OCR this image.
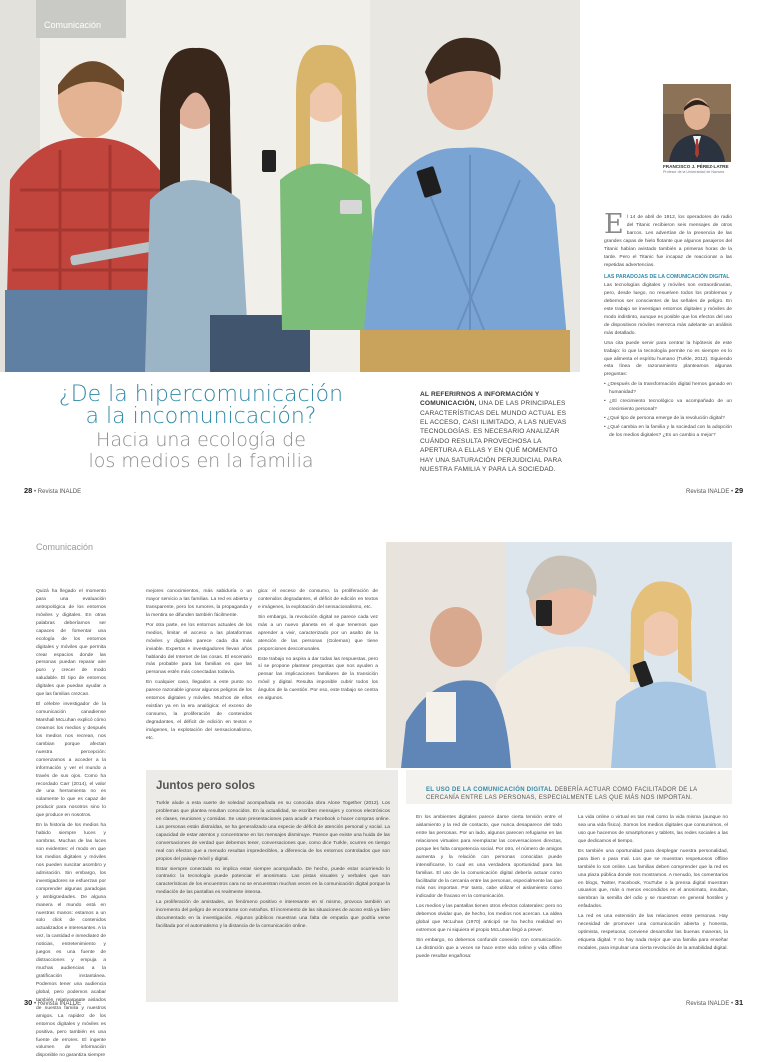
Comunicación
¿De la hipercomunicación
a la incomunicación?
Hacia una ecología de
los medios en la familia
AL REFERIRNOS A INFORMACIÓN Y COMUNICACIÓN, UNA DE LAS PRINCIPALES CARACTERÍSTICAS DEL MUNDO ACTUAL ES EL ACCESO, CASI ILIMITADO, A LAS NUEVAS TECNOLOGÍAS. ES NECESARIO ANALIZAR CUÁNDO RESULTA PROVECHOSA LA APERTURA A ELLAS Y EN QUÉ MOMENTO HAY UNA SATURACIÓN PERJUDICIAL PARA NUESTRA FAMILIA Y PARA LA SOCIEDAD.
FRANCISCO J. PÉREZ-LATRE
Profesor de la Universidad de Navarra

El 14 de abril de 1912, los operadores de radio del Titanic recibieron seis mensajes de otros barcos. Les advertían de la presencia de las grandes capas de hielo flotante que algunos pasajeros del Titanic habían avistado también a primeras horas de la tarde. Pero el Titanic fue incapaz de reaccionar a las repetidas advertencias.

LAS PARADOJAS DE LA COMUNICACIÓN DIGITAL

Las tecnologías digitales y móviles son extraordinarias, pero, desde luego, no resuelven todos los problemas y debemos ser conscientes de las señales de peligro. En este trabajo se investigan entornos digitales y móviles de modo indistinto, aunque es posible que los efectos del uso de dispositivos móviles merezca más adelante un análisis más detallado.

Una cita puede servir para centrar la hipótesis de este trabajo: lo que la tecnología permite no es siempre es lo que alimenta el espíritu humano (Turkle, 2012). Siguiendo esta línea de razonamiento planteamos algunas preguntas:

• ¿Después de la transformación digital hemos ganado en humanidad?
• ¿El crecimiento tecnológico va acompañado de un crecimiento personal?
• ¿Qué tipo de persona emerge de la revolución digital?
• ¿Qué cambia en la familia y la sociedad con la adopción de los medios digitales? ¿Es un cambio a mejor?
28 • Revista INALDE	Revista INALDE • 29
Comunicación

Quizá ha llegado el momento para una evaluación antropológica de los entornos móviles y digitales. En otras palabras deberíamos ser capaces de fomentar una ecología de los entornos digitales y móviles que permita crear espacios donde las personas puedan reparar aire puro y crecer de modo saludable. El tipo de entornos digitales que puedan ayudar a que las familias crezcan.

El célebre investigador de la comunicación canadiense Marshall McLuhan explicó cómo creamos los medios y después los medios nos recrean, nos cambian porque afectan nuestra percepción: comenzamos a acceder a la información y ver el mundo a través de sus ojos. Como ha recordado Carr (2014), el valor de una herramienta no es solamente lo que es capaz de producir para nosotros sino lo que produce en nosotros.

En la historia de los medios ha habido siempre luces y sombras. Muchas de las luces son evidentes: el modo en que los medios digitales y móviles nos pueden suscitar asombro y admiración. Sin embargo, los investigadores se esfuerzan por comprender algunas paradojas y ambigüedades. De alguna manera el mundo está en nuestras manos: estamos a un solo click de contenidos actualizados e interesantes. A la vez, la cantidad e inmediatez de noticias, entretenimiento y juegos es una fuente de distracciones y empuja a muchas audiencias a la gratificación instantánea. Podemos tener una audiencia global, pero podemos acabar también relativamente aislados de nuestra familia y nuestros amigos. La rapidez de los entornos digitales y móviles es positiva, pero también es una fuente de errores. El ingente volumen de información disponible no garantiza siempre

mejores conocimientos, más sabiduría o un mayor servicio a las familias. La red es abierta y transparente, pero los rumores, la propaganda y la mentira se difunden también fácilmente.

Por otra parte, en los entornos actuales de los medios, limitar el acceso a las plataformas móviles y digitales parece cada día más inviable. Expertos e investigadores llevan años hablando del Internet de las cosas. El escenario más probable para las familias es que las personas estén más conectadas todavía.

En cualquier caso, llegados a este punto no parece razonable ignorar algunos peligros de los entornos digitales y móviles. Muchos de ellos existían ya en la era analógica: el exceso de consumo, la proliferación de contenidos degradantes, el déficit de edición en textos e imágenes, la explotación del sensacionalismo, etc.

gica: el exceso de consumo, la proliferación de contenidos degradantes, el déficit de edición en textos e imágenes, la explotación del sensacionalismo, etc.

Sin embargo, la revolución digital se parece cada vez más a un nuevo planeta en el que tenemos que aprender a vivir, caracterizado por un asalto de la atención de las personas (Goleman) que tiene proporciones descomunales.

Este trabajo no aspira a dar todas las respuestas, pero sí se propone plantear preguntas que nos ayuden a pensar las implicaciones familiares de la transición móvil y digital. Resulta imposible cubrir todos los ángulos de la cuestión. Por eso, este trabajo se centra en algunos.

Juntos pero solos

Turkle alude a esta suerte de soledad acompañada en su conocida obra Alone Together (2012). Los problemas que plantea resultan conocidos. En la actualidad, se escriben mensajes y correos electrónicos en clases, reuniones y comidas. Se usan presentaciones para acudir a Facebook o hacer compras online. Las personas están distraídas, se ha generalizado una especie de déficit de atención personal y social. La capacidad de estar atentos y concentrarse en los mensajes disminuye. Parece que existe una huida de las conversaciones de verdad que debemos tener, conversaciones que, como dice Turkle, ocurren en tiempo real con efectos que a menudo resultan impredecibles, a diferencia de los entornos controlados que son propios del paisaje móvil y digital.

Estar siempre conectado no implica estar siempre acompañado. De hecho, puede estar ocurriendo lo contrario: la tecnología puede potenciar el anonimato. Las pistas visuales y verbales que son características de los encuentros cara no se encuentran muchas veces en la comunicación digital porque la mediación de las pantallas es realmente intensa.

La proliferación de amistades, un fenómeno positivo e interesante en sí mismo, provoca también un incremento del peligro de encontrarse con extraños. El incremento de las situaciones de acoso está ya bien documentado en la investigación. Algunos públicos muestran una falta de empatía que podría verse facilitada por el automatismo y la distancia de la comunicación online.

EL USO DE LA COMUNICACIÓN DIGITAL DEBERÍA ACTUAR COMO FACILITADOR DE LA CERCANÍA ENTRE LAS PERSONAS, ESPECIALMENTE LAS QUE MÁS NOS IMPORTAN.

En los ambientes digitales parece darse cierta tensión entre el aislamiento y la red de contacto, que nunca desaparece del todo entre las personas. Por un lado, algunos parecen refugiarse en las relaciones virtuales para reemplazar las conversaciones directas, porque les falta competencia social. Por otro, el número de amigos aumenta y la relación con personas conocidas puede intensificarse, lo cual es una verdadera oportunidad para las familias. El uso de la comunicación digital debería actuar como facilitador de la cercanía entre las personas, especialmente las que más nos importan. Por tanto, cabe utilizar el aislamiento como indicador de fracaso en la comunicación.

Los medios y las pantallas tienen otros efectos colaterales: pero no debemos olvidar que, de hecho, los medios nos acercan. La aldea global que McLuhan (1970) anticipó se ha hecho realidad en extremos que ni siquiera el propio McLuhan llegó a prever.

Sin embargo, no debemos confundir conexión con comunicación. La distinción que a veces se hace entre vida online y vida offline puede resultar engañosa:

La vida online o virtual es tan real como la vida misma (aunque no sea una vida física). Somos los medios digitales que consumimos, el uso que hacemos de smartphones y tablets, las redes sociales a las que dedicamos el tiempo.

Es también una oportunidad para desplegar nuestra personalidad, para bien o para mal. Los que se muestran respetuosos offline también lo son online. Las familias deben comprender que la red es una plaza pública donde nos mostramos. A menudo, los comentarios en blogs, Twitter, Facebook, YouTube o la prensa digital muestran usuarios que, más o menos escondidos en el anonimato, insultan, siembran la semilla del odio y se muestran en general hostiles y enfadados.

La red es una extensión de las relaciones entre personas. Hay necesidad de promover una comunicación abierta y honesta, optimista, respetuosa; conviene desarrollar las buenas maneras, la etiqueta digital. Y no hay nada mejor que una familia para enseñar modales, para impulsar una cierta revolución de la amabilidad digital.

30 • Revista INALDE	Revista INALDE • 31
